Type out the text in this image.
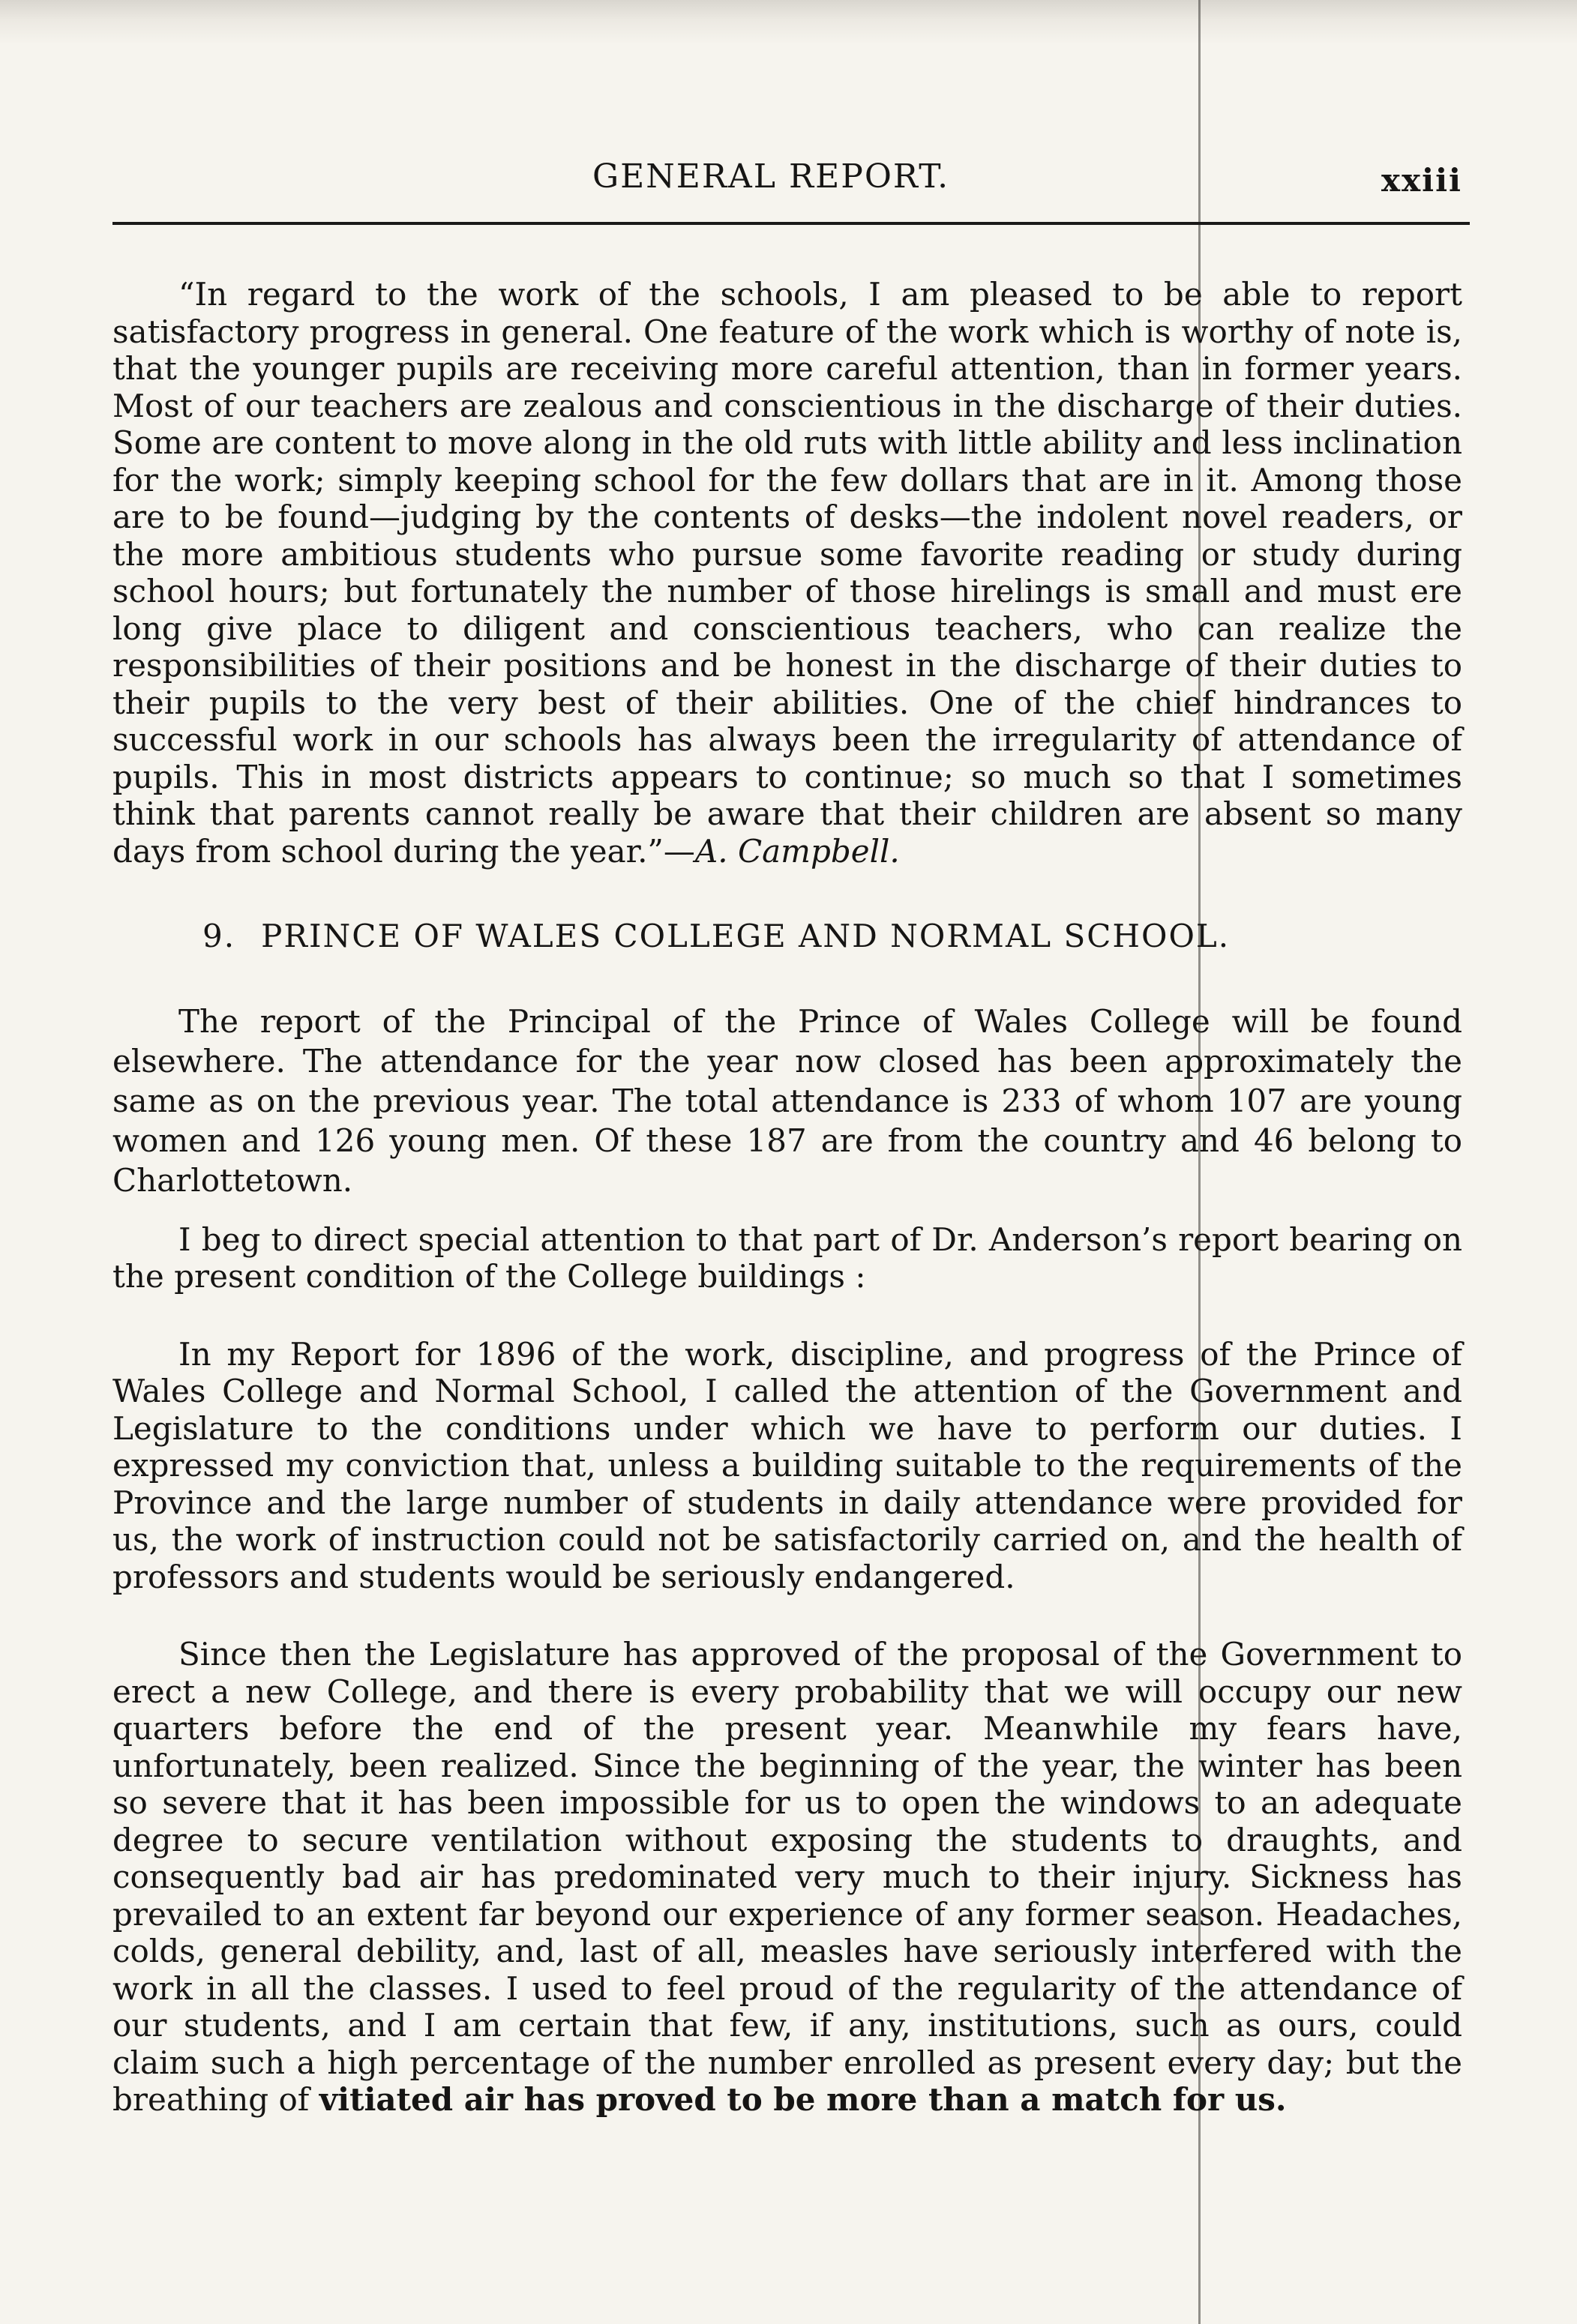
GENERAL REPORT.	xxiii

“In regard to the work of the schools, I am pleased to be able to report satisfactory progress in general. One feature of the work which is worthy of note is, that the younger pupils are receiving more careful attention, than in former years. Most of our teachers are zealous and conscientious in the discharge of their duties. Some are content to move along in the old ruts with little ability and less inclination for the work; simply keeping school for the few dollars that are in it. Among those are to be found—judging by the contents of desks—the indolent novel readers, or the more ambitious students who pursue some favorite reading or study during school hours; but fortunately the number of those hirelings is small and must ere long give place to diligent and conscientious teachers, who can realize the responsibilities of their positions and be honest in the discharge of their duties to their pupils to the very best of their abilities. One of the chief hindrances to successful work in our schools has always been the irregularity of attendance of pupils. This in most districts appears to continue; so much so that I sometimes think that parents cannot really be aware that their children are absent so many days from school during the year.”—A. Campbell.

9. PRINCE OF WALES COLLEGE AND NORMAL SCHOOL.

The report of the Principal of the Prince of Wales College will be found elsewhere. The attendance for the year now closed has been approximately the same as on the previous year. The total attendance is 233 of whom 107 are young women and 126 young men. Of these 187 are from the country and 46 belong to Charlottetown.

I beg to direct special attention to that part of Dr. Anderson’s report bearing on the present condition of the College buildings :

In my Report for 1896 of the work, discipline, and progress of the Prince of Wales College and Normal School, I called the attention of the Government and Legislature to the conditions under which we have to perform our duties. I expressed my conviction that, unless a building suitable to the requirements of the Province and the large number of students in daily attendance were provided for us, the work of instruction could not be satisfactorily carried on, and the health of professors and students would be seriously endangered.

Since then the Legislature has approved of the proposal of the Government to erect a new College, and there is every probability that we will occupy our new quarters before the end of the present year. Meanwhile my fears have, unfortunately, been realized. Since the beginning of the year, the winter has been so severe that it has been impossible for us to open the windows to an adequate degree to secure ventilation without exposing the students to draughts, and consequently bad air has predominated very much to their injury. Sickness has prevailed to an extent far beyond our experience of any former season. Headaches, colds, general debility, and, last of all, measles have seriously interfered with the work in all the classes. I used to feel proud of the regularity of the attendance of our students, and I am certain that few, if any, institutions, such as ours, could claim such a high percentage of the number enrolled as present every day; but the breathing of vitiated air has proved to be more than a match for us.
